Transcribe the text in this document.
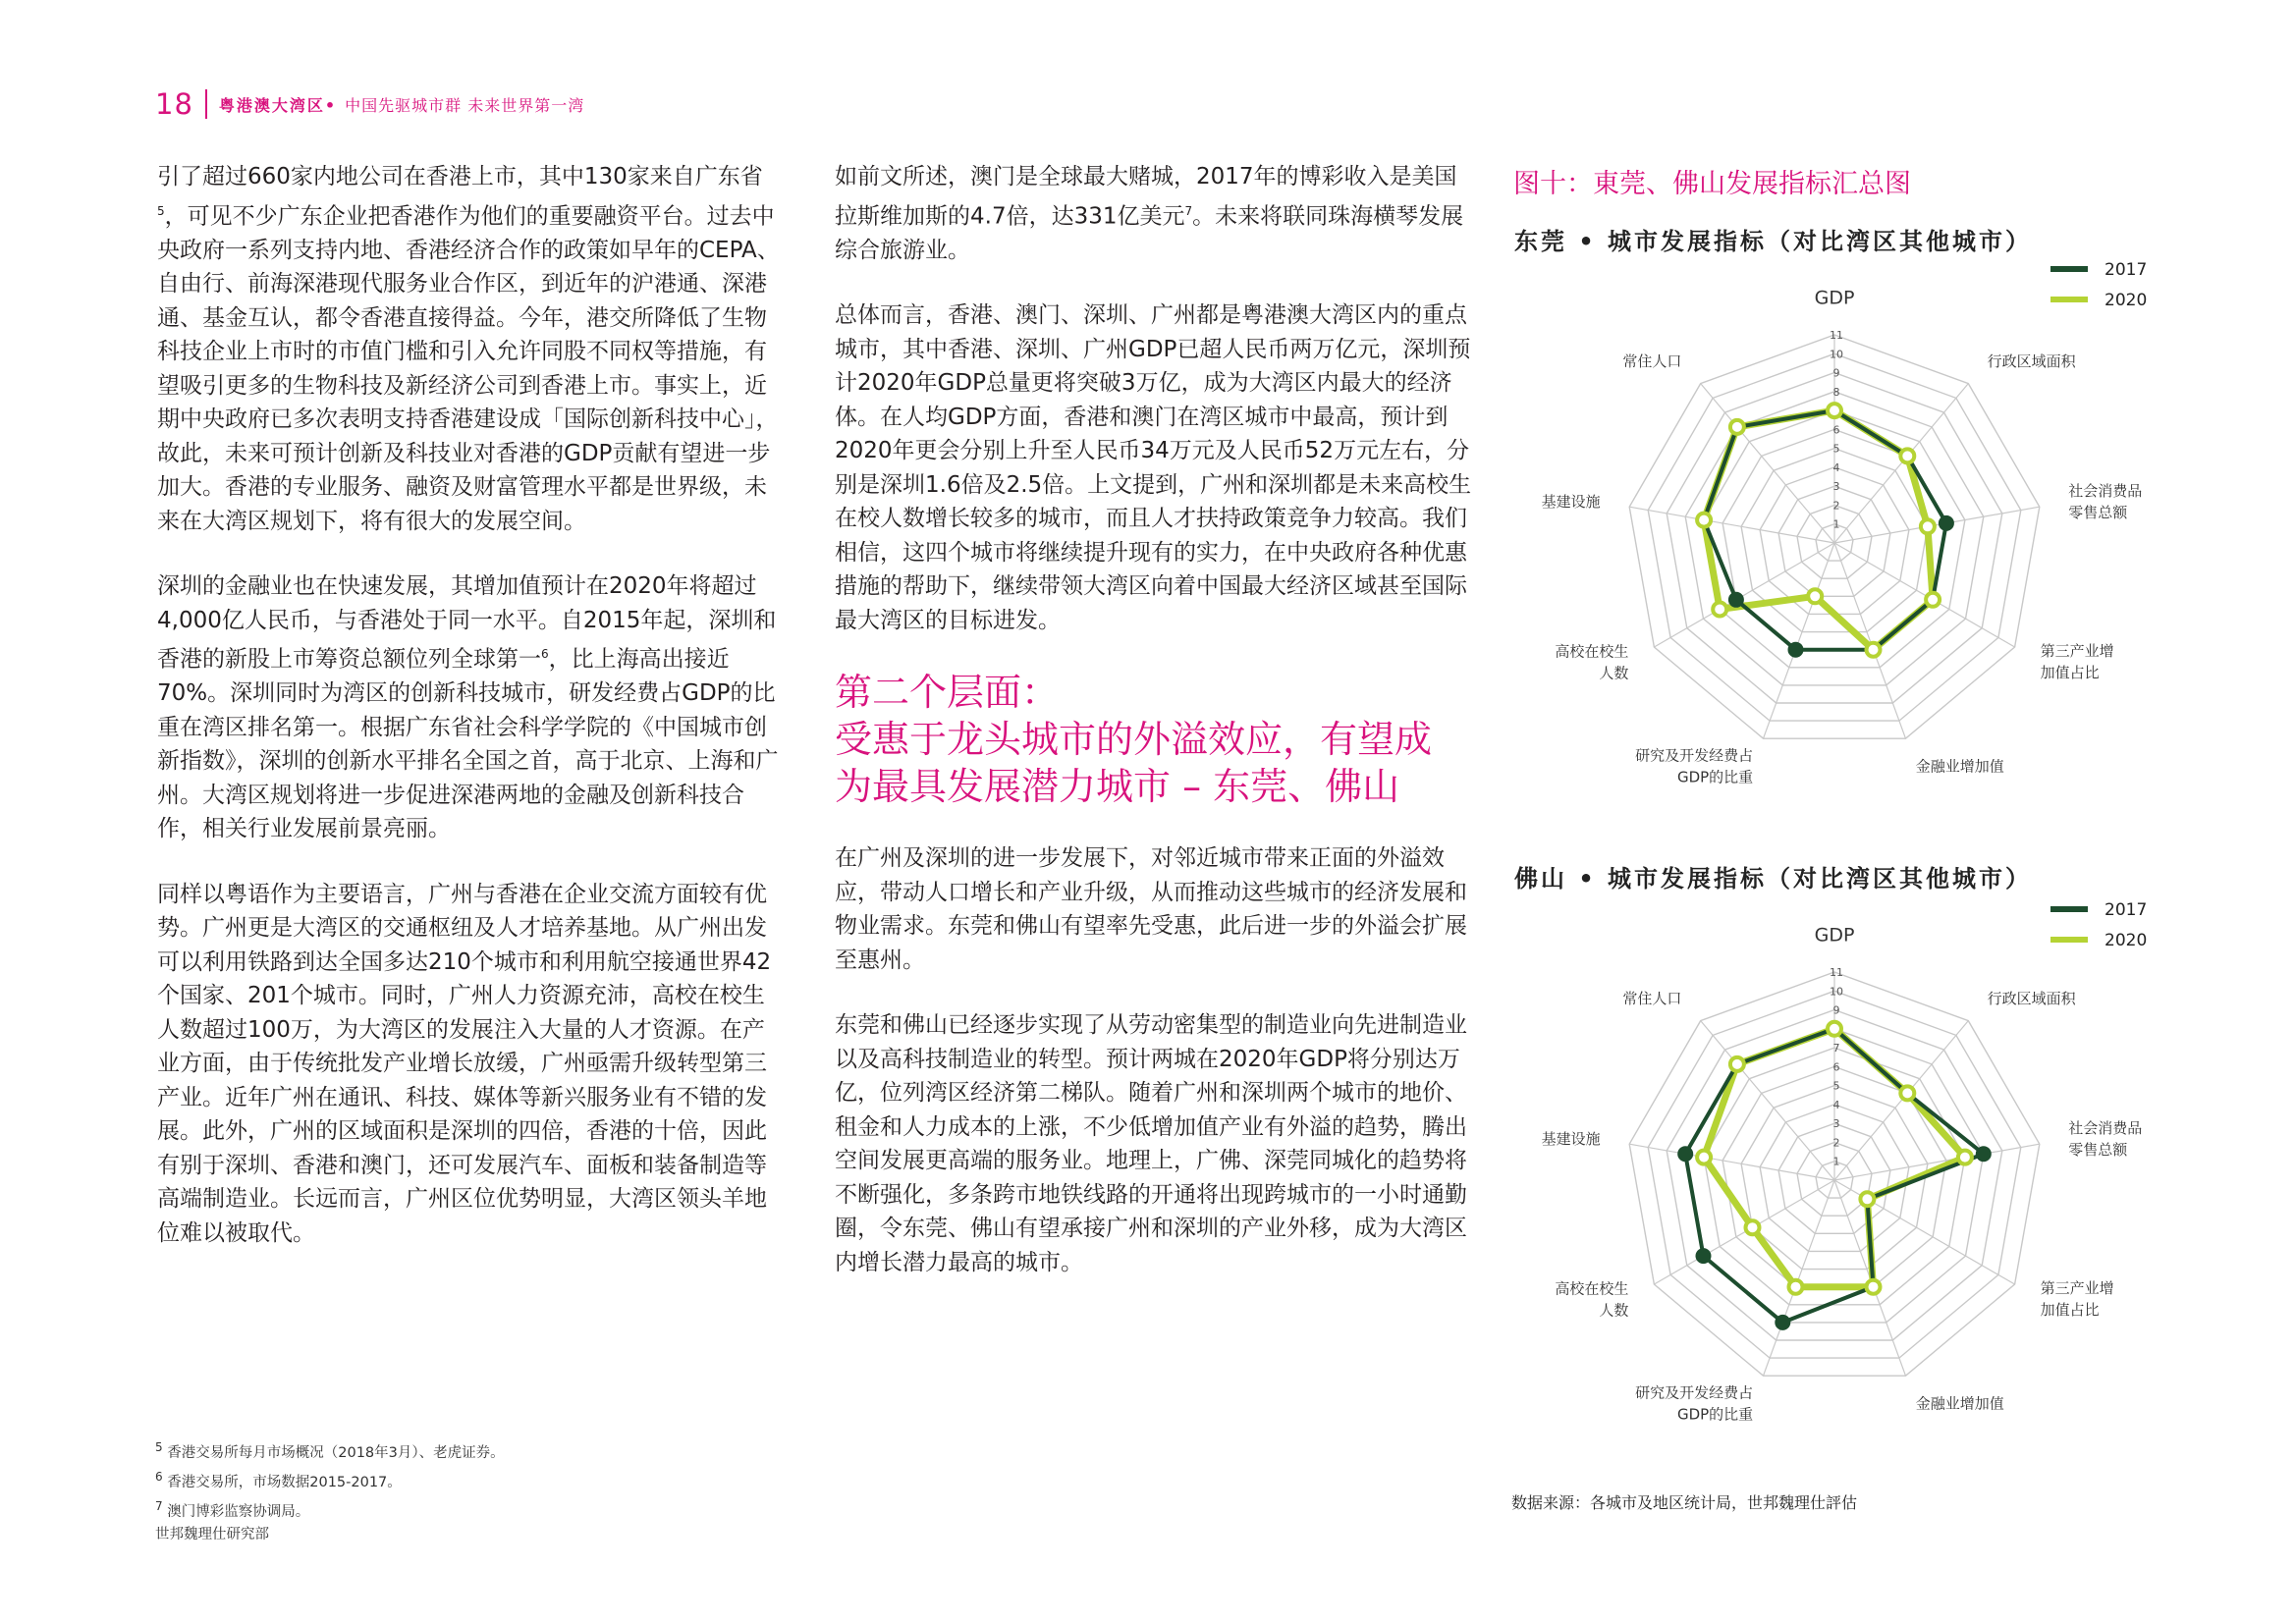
18 粤港澳大湾区• 中国先驱城市群 未来世界第一湾

引了超过660家内地公司在香港上市，其中130家来自广东省$^5$，可见不少广东企业把香港作为他们的重要融资平台。过去中央政府一系列支持内地、香港经济合作的政策如早年的CEPA、自由行、前海深港现代服务业合作区，到近年的沪港通、深港通、基金互认，都令香港直接得益。今年，港交所降低了生物科技企业上市时的市值门槛和引入允许同股不同权等措施，有望吸引更多的生物科技及新经济公司到香港上市。事实上，近期中央政府已多次表明支持香港建设成「国际创新科技中心」，故此，未来可预计创新及科技业对香港的GDP贡献有望进一步加大。香港的专业服务、融资及财富管理水平都是世界级，未来在大湾区规划下，将有很大的发展空间。

深圳的金融业也在快速发展，其增加值预计在2020年将超过4,000亿人民币，与香港处于同一水平。自2015年起，深圳和香港的新股上市筹资总额位列全球第一$^6$，比上海高出接近70%。深圳同时为湾区的创新科技城市，研发经费占GDP的比重在湾区排名第一。根据广东省社会科学学院的《中国城市创新指数》，深圳的创新水平排名全国之首，高于北京、上海和广州。大湾区规划将进一步促进深港两地的金融及创新科技合作，相关行业发展前景亮丽。

同样以粤语作为主要语言，广州与香港在企业交流方面较有优势。广州更是大湾区的交通枢纽及人才培养基地。从广州出发可以利用铁路到达全国多达210个城市和利用航空接通世界42个国家、201个城市。同时，广州人力资源充沛，高校在校生人数超过100万，为大湾区的发展注入大量的人才资源。在产业方面，由于传统批发产业增长放缓，广州亟需升级转型第三产业。近年广州在通讯、科技、媒体等新兴服务业有不错的发展。此外，广州的区域面积是深圳的四倍，香港的十倍，因此有别于深圳、香港和澳门，还可发展汽车、面板和装备制造等高端制造业。长远而言，广州区位优势明显，大湾区领头羊地位难以被取代。

如前文所述，澳门是全球最大赌城，2017年的博彩收入是美国拉斯维加斯的4.7倍，达331亿美元$^7$。未来将联同珠海横琴发展综合旅游业。

总体而言，香港、澳门、深圳、广州都是粤港澳大湾区内的重点城市，其中香港、深圳、广州GDP已超人民币两万亿元，深圳预计2020年GDP总量更将突破3万亿，成为大湾区内最大的经济体。在人均GDP方面，香港和澳门在湾区城市中最高，预计到2020年更会分别上升至人民币34万元及人民币52万元左右，分别是深圳1.6倍及2.5倍。上文提到，广州和深圳都是未来高校生在校人数增长较多的城市，而且人才扶持政策竞争力较高。我们相信，这四个城市将继续提升现有的实力，在中央政府各种优惠措施的帮助下，继续带领大湾区向着中国最大经济区域甚至国际最大湾区的目标进发。

第二个层面：
受惠于龙头城市的外溢效应，有望成
为最具发展潜力城市 – 东莞、佛山

在广州及深圳的进一步发展下，对邻近城市带来正面的外溢效应，带动人口增长和产业升级，从而推动这些城市的经济发展和物业需求。东莞和佛山有望率先受惠，此后进一步的外溢会扩展至惠州。

东莞和佛山已经逐步实现了从劳动密集型的制造业向先进制造业以及高科技制造业的转型。预计两城在2020年GDP将分别达万亿，位列湾区经济第二梯队。随着广州和深圳两个城市的地价、租金和人力成本的上涨，不少低增加值产业有外溢的趋势，腾出空间发展更高端的服务业。地理上，广佛、深莞同城化的趋势将不断强化，多条跨市地铁线路的开通将出现跨城市的一小时通勤圈，令东莞、佛山有望承接广州和深圳的产业外移，成为大湾区内增长潜力最高的城市。

$^5$ 香港交易所每月市场概况（2018年3月）、老虎证券。
$^6$ 香港交易所，市场数据2015-2017。
$^7$ 澳门博彩监察协调局。
世邦魏理仕研究部
图十：東莞、佛山发展指标汇总图
东莞 • 城市发展指标（对比湾区其他城市）
1
2
3
4
5
6
8
9
10
11
GDP
行政区域面积
社会消费品零售总额
第三产业增加值占比
金融业增加值
研究及开发经费占 GDP的比重
高校在校生人数
基建设施
常住人口
2017
2020
佛山 • 城市发展指标（对比湾区其他城市）
1
2
3
4
5
6
7
9
10
11
GDP
行政区域面积
社会消费品零售总额
第三产业增加值占比
金融业增加值
研究及开发经费占 GDP的比重
高校在校生人数
基建设施
常住人口
2017
2020
数据来源：各城市及地区统计局，世邦魏理仕評估
